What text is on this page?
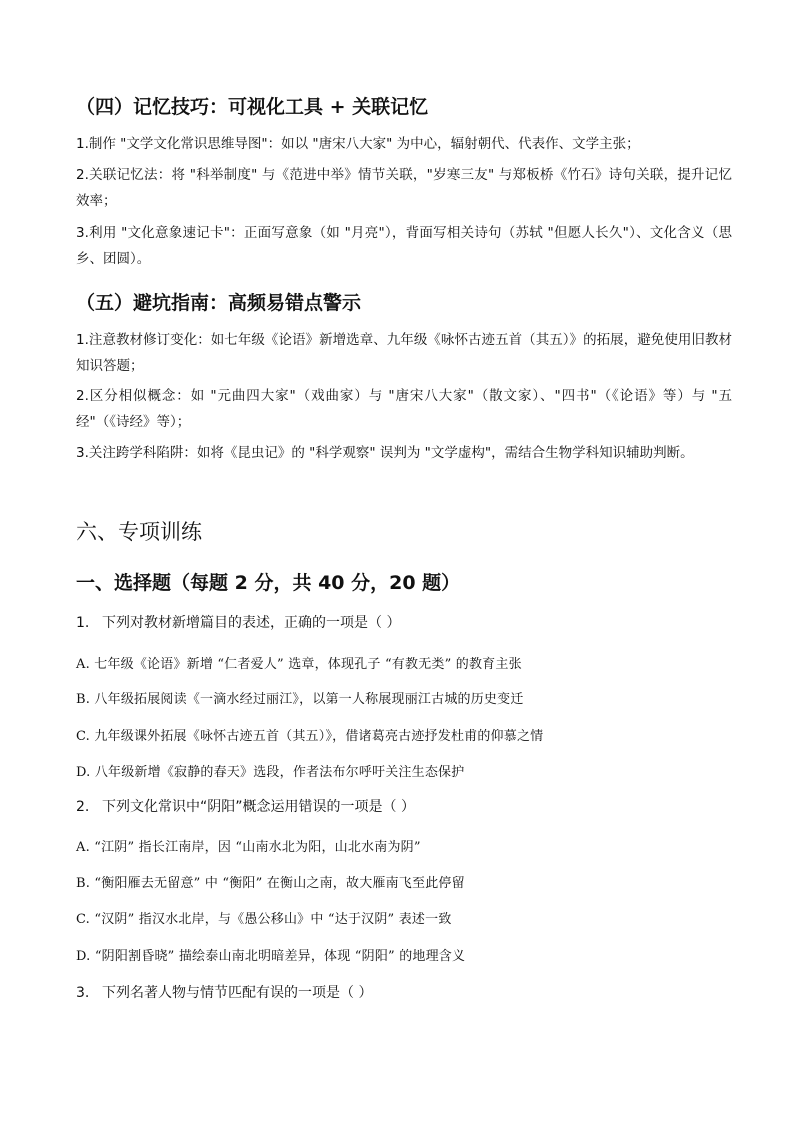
（四）记忆技巧：可视化工具 + 关联记忆
1.制作 "文学文化常识思维导图"：如以 "唐宋八大家" 为中心，辐射朝代、代表作、文学主张；
2.关联记忆法：将 "科举制度" 与《范进中举》情节关联，"岁寒三友" 与郑板桥《竹石》诗句关联，提升记忆效率；
3.利用 "文化意象速记卡"：正面写意象（如 "月亮"），背面写相关诗句（苏轼 "但愿人长久"）、文化含义（思乡、团圆）。
（五）避坑指南：高频易错点警示
1.注意教材修订变化：如七年级《论语》新增选章、九年级《咏怀古迹五首（其五）》的拓展，避免使用旧教材知识答题；
2.区分相似概念：如 "元曲四大家"（戏曲家）与 "唐宋八大家"（散文家）、"四书"（《论语》等）与 "五经"（《诗经》等）；
3.关注跨学科陷阱：如将《昆虫记》的 "科学观察" 误判为 "文学虚构"，需结合生物学科知识辅助判断。
六、专项训练
一、选择题（每题 2 分，共 40 分，20 题）
1. 下列对教材新增篇目的表述，正确的一项是（ ）
A. 七年级《论语》新增 “仁者爱人” 选章，体现孔子 “有教无类” 的教育主张
B. 八年级拓展阅读《一滴水经过丽江》，以第一人称展现丽江古城的历史变迁
C. 九年级课外拓展《咏怀古迹五首（其五）》，借诸葛亮古迹抒发杜甫的仰慕之情
D. 八年级新增《寂静的春天》选段，作者法布尔呼吁关注生态保护
2. 下列文化常识中“阴阳”概念运用错误的一项是（ ）
A. “江阴” 指长江南岸，因 “山南水北为阳，山北水南为阴”
B. “衡阳雁去无留意” 中 “衡阳” 在衡山之南，故大雁南飞至此停留
C. “汉阴” 指汉水北岸，与《愚公移山》中 “达于汉阴” 表述一致
D. “阴阳割昏晓” 描绘泰山南北明暗差异，体现 “阴阳” 的地理含义
3. 下列名著人物与情节匹配有误的一项是（ ）
